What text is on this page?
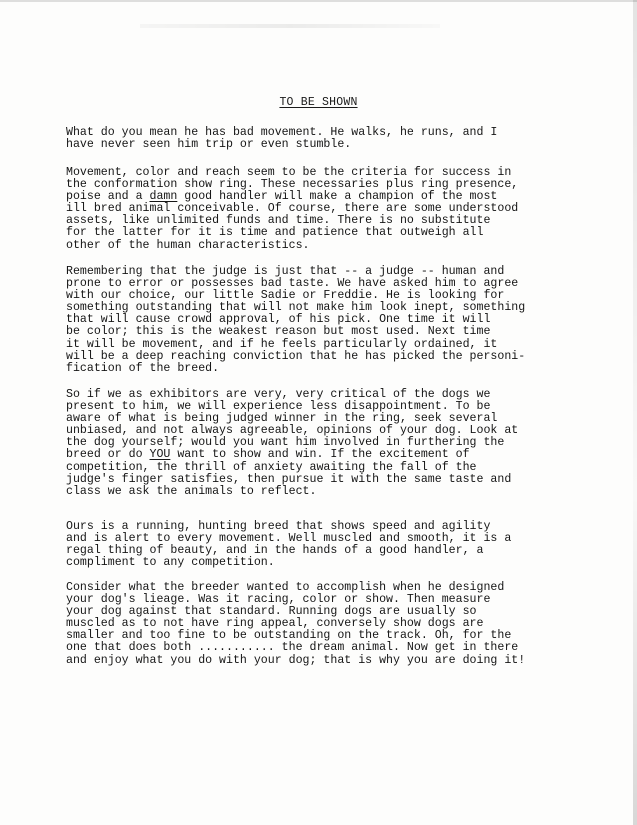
TO BE SHOWN
What do you mean he has bad movement. He walks, he runs, and I
have never seen him trip or even stumble.
Movement, color and reach seem to be the criteria for success in
the conformation show ring. These necessaries plus ring presence,
poise and a damn good handler will make a champion of the most
ill bred animal conceivable. Of course, there are some understood
assets, like unlimited funds and time. There is no substitute
for the latter for it is time and patience that outweigh all
other of the human characteristics.
Remembering that the judge is just that -- a judge -- human and
prone to error or possesses bad taste. We have asked him to agree
with our choice, our little Sadie or Freddie. He is looking for
something outstanding that will not make him look inept, something
that will cause crowd approval, of his pick. One time it will
be color; this is the weakest reason but most used. Next time
it will be movement, and if he feels particularly ordained, it
will be a deep reaching conviction that he has picked the personi-
fication of the breed.
So if we as exhibitors are very, very critical of the dogs we
present to him, we will experience less disappointment. To be
aware of what is being judged winner in the ring, seek several
unbiased, and not always agreeable, opinions of your dog. Look at
the dog yourself; would you want him involved in furthering the
breed or do YOU want to show and win. If the excitement of
competition, the thrill of anxiety awaiting the fall of the
judge's finger satisfies, then pursue it with the same taste and
class we ask the animals to reflect.
Ours is a running, hunting breed that shows speed and agility
and is alert to every movement. Well muscled and smooth, it is a
regal thing of beauty, and in the hands of a good handler, a
compliment to any competition.
Consider what the breeder wanted to accomplish when he designed
your dog's lieage. Was it racing, color or show. Then measure
your dog against that standard. Running dogs are usually so
muscled as to not have ring appeal, conversely show dogs are
smaller and too fine to be outstanding on the track. Oh, for the
one that does both ........... the dream animal. Now get in there
and enjoy what you do with your dog; that is why you are doing it!
